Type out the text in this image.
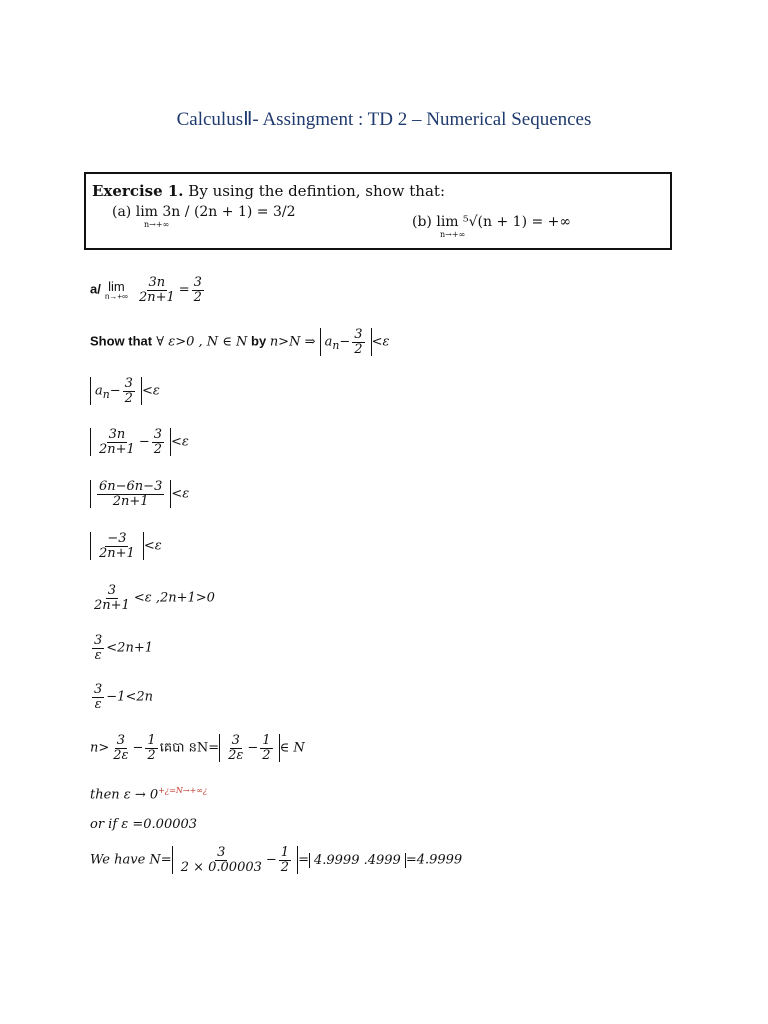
CalculusⅡ- Assingment : TD 2 – Numerical Sequences
Exercise 1. By using the defintion, show that:
(a) lim 3n / (2n + 1) = 3/2
n→+∞	(b) lim ⁵√(n + 1) = +∞
n→+∞
a/ lim
n→+∞
$\frac{3n}{2n+1} = \frac{3}{2}$
Show that ∀ ε>0 , N ∈ N by n>N ⇒ $a_n- \frac{3}{2} <\varepsilon$
$a_n- \frac{3}{2} <\varepsilon$
$\frac{3n}{2n+1} - \frac{3}{2} <\varepsilon$
$\frac{6n-6n-3}{2n+1} <\varepsilon$
$\frac{-3}{2n+1} <\varepsilon$
$\frac{3}{2n+1} <\varepsilon$ ,2n+1>0
$\frac{3}{\varepsilon} <2n+1$
$\frac{3}{\varepsilon} -1<2n$
$n> \frac{3}{2\varepsilon} - \frac{1}{2}$ គេបា ន$N= \frac{3}{2\varepsilon} - \frac{1}{2}$ ∈ N
then $\varepsilon \to 0^{+¿=N\to+\infty¿}$
or if ε =0.00003
We have $N= \frac{3}{2 \times 0.00003} - \frac{1}{2} = 4.9999$ .4999 =4.9999
